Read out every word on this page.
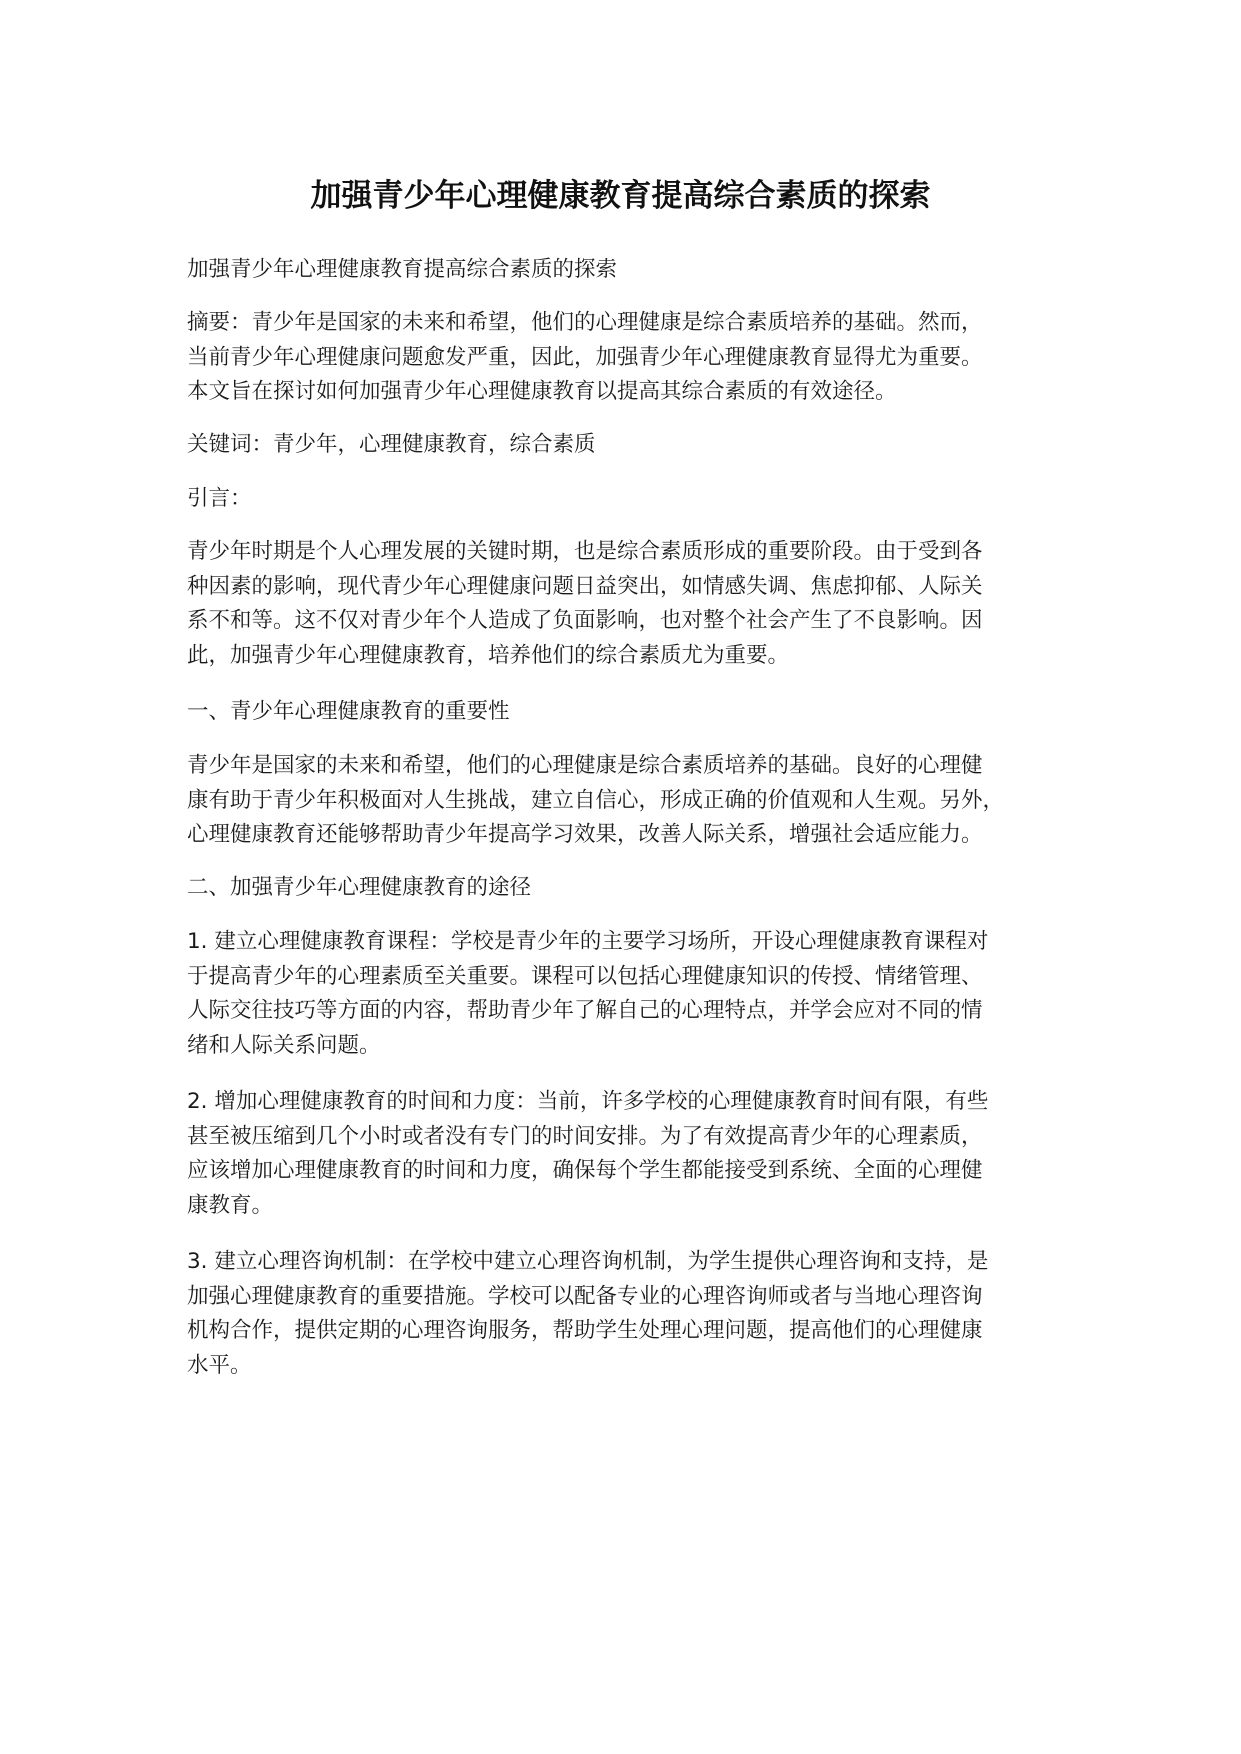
加强青少年心理健康教育提高综合素质的探索

加强青少年心理健康教育提高综合素质的探索

摘要：青少年是国家的未来和希望，他们的心理健康是综合素质培养的基础。然而，
当前青少年心理健康问题愈发严重，因此，加强青少年心理健康教育显得尤为重要。
本文旨在探讨如何加强青少年心理健康教育以提高其综合素质的有效途径。

关键词：青少年，心理健康教育，综合素质

引言：

青少年时期是个人心理发展的关键时期，也是综合素质形成的重要阶段。由于受到各
种因素的影响，现代青少年心理健康问题日益突出，如情感失调、焦虑抑郁、人际关
系不和等。这不仅对青少年个人造成了负面影响，也对整个社会产生了不良影响。因
此，加强青少年心理健康教育，培养他们的综合素质尤为重要。

一、青少年心理健康教育的重要性

青少年是国家的未来和希望，他们的心理健康是综合素质培养的基础。良好的心理健
康有助于青少年积极面对人生挑战，建立自信心，形成正确的价值观和人生观。另外，
心理健康教育还能够帮助青少年提高学习效果，改善人际关系，增强社会适应能力。

二、加强青少年心理健康教育的途径

1. 建立心理健康教育课程：学校是青少年的主要学习场所，开设心理健康教育课程对
于提高青少年的心理素质至关重要。课程可以包括心理健康知识的传授、情绪管理、
人际交往技巧等方面的内容，帮助青少年了解自己的心理特点，并学会应对不同的情
绪和人际关系问题。

2. 增加心理健康教育的时间和力度：当前，许多学校的心理健康教育时间有限，有些
甚至被压缩到几个小时或者没有专门的时间安排。为了有效提高青少年的心理素质，
应该增加心理健康教育的时间和力度，确保每个学生都能接受到系统、全面的心理健
康教育。

3. 建立心理咨询机制：在学校中建立心理咨询机制，为学生提供心理咨询和支持，是
加强心理健康教育的重要措施。学校可以配备专业的心理咨询师或者与当地心理咨询
机构合作，提供定期的心理咨询服务，帮助学生处理心理问题，提高他们的心理健康
水平。
